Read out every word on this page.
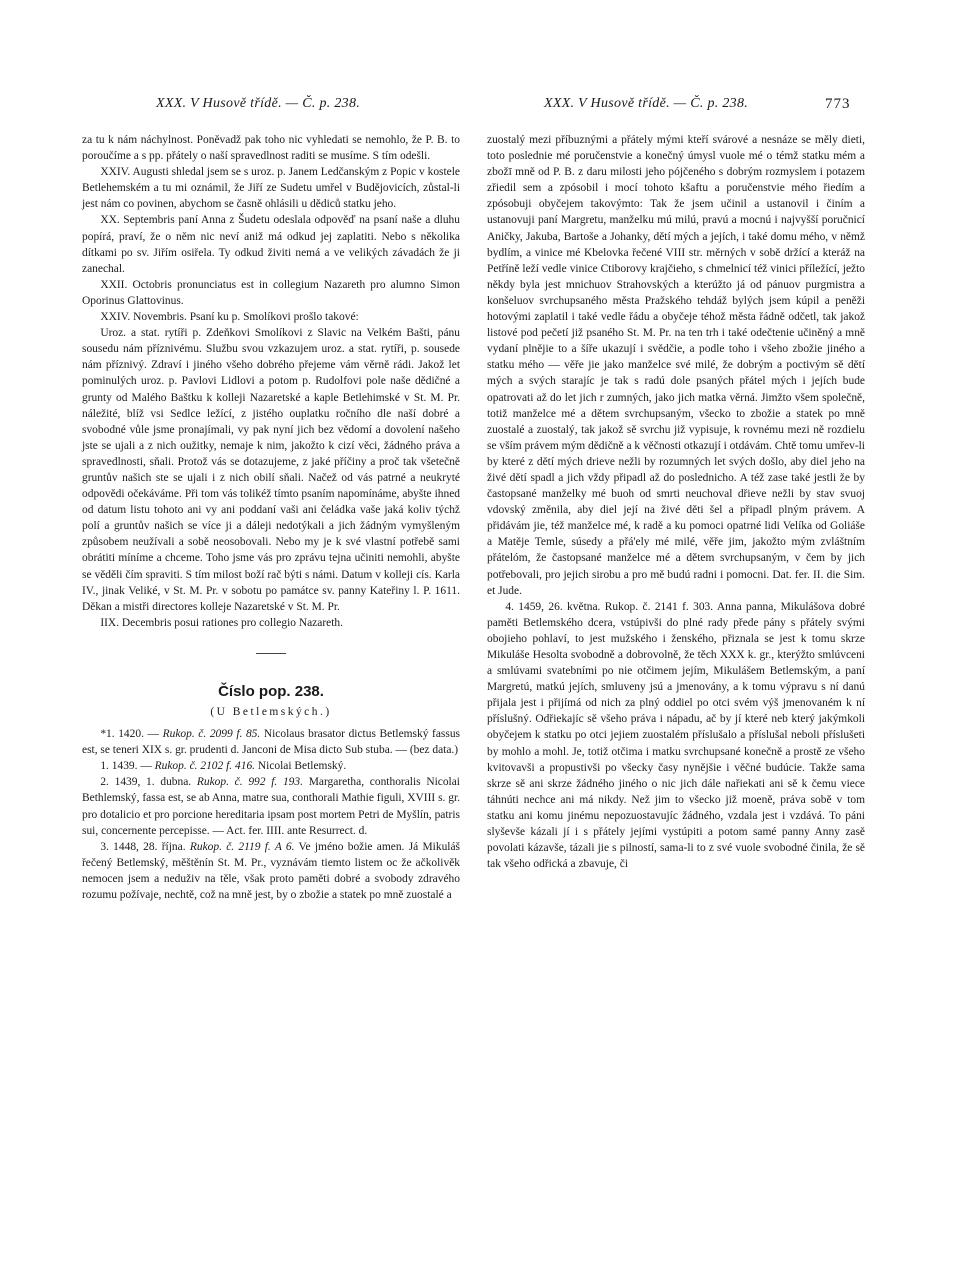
XXX. V Husově třídě. — Č. p. 238.	XXX. V Husově třídě. — Č. p. 238.	773

za tu k nám náchylnost. Poněvadž pak toho nic vyhledati se nemohlo, že P. B. to poroučíme a s pp. přátely o naší spravedlnost raditi se musíme. S tím odešli.

XXIV. Augusti shledal jsem se s uroz. p. Janem Ledčanským z Popic v kostele Betlehemském a tu mi oznámil, že Jiří ze Sudetu umřel v Budějovicích, zůstal-li jest nám co povinen, abychom se časně ohlásili u dědiců statku jeho.

XX. Septembris paní Anna z Šudetu odeslala odpověď na psaní naše a dluhu popírá, praví, že o něm nic neví aniž má odkud jej zaplatiti. Nebo s několika dítkami po sv. Jiřím osiřela. Ty odkud živiti nemá a ve velikých závadách že ji zanechal.

XXII. Octobris pronunciatus est in collegium Nazareth pro alumno Simon Oporinus Glattovinus.

XXIV. Novembris. Psaní ku p. Smolíkovi prošlo takové:

Uroz. a stat. rytíři p. Zdeňkovi Smolíkovi z Slavic na Velkém Bašti, pánu sousedu nám příznivému. Službu svou vzkazujem uroz. a stat. rytíři, p. sousede nám příznivý. Zdraví i jiného všeho dobrého přejeme vám věrně rádi. Jakož let pominulých uroz. p. Pavlovi Lidlovi a potom p. Rudolfovi pole naše dědičné a grunty od Malého Baštku k kolleji Nazaretské a kaple Betlehimské v St. M. Pr. náležité, blíž vsi Sedlce ležící, z jistého ouplatku ročního dle naší dobré a svobodné vůle jsme pronajímali, vy pak nyní jich bez vědomí a dovolení našeho jste se ujali a z nich oužitky, nemaje k nim, jakožto k cizí věci, žádného práva a spravedlnosti, sňali. Protož vás se dotazujeme, z jaké příčiny a proč tak všetečně gruntův našich ste se ujali i z nich obilí sňali. Načež od vás patrné a neukryté odpovědi očekáváme. Při tom vás tolikéž tímto psaním napomínáme, abyšte ihned od datum listu tohoto ani vy ani poddaní vaši ani čeládka vaše jaká koliv týchž polí a gruntův našich se více ji a dáleji nedotýkali a jich žádným vymyšleným způsobem neužívali a sobě neosobovali. Nebo my je k své vlastní potřebě sami obrátiti míníme a chceme. Toho jsme vás pro zprávu tejna učiniti nemohli, abyšte se věděli čím spraviti. S tím milost boží rač býti s námi. Datum v kolleji cís. Karla IV., jinak Veliké, v St. M. Pr. v sobotu po památce sv. panny Kateřiny l. P. 1611. Děkan a mistři directores kolleje Nazaretské v St. M. Pr.

IIX. Decembris posui rationes pro collegio Nazareth.

Číslo pop. 238.
(U Betlemských.)

*1. 1420. — Rukop. č. 2099 f. 85. Nicolaus brasator dictus Betlemský fassus est, se teneri XIX s. gr. prudenti d. Janconi de Misa dicto Sub stuba. — (bez data.)

1. 1439. — Rukop. č. 2102 f. 416. Nicolai Betlemský.

2. 1439, 1. dubna. Rukop. č. 992 f. 193. Margaretha, conthoralis Nicolai Bethlemský, fassa est, se ab Anna, matre sua, conthorali Mathie figuli, XVIII s. gr. pro dotalicio et pro porcione hereditaria ipsam post mortem Petri de Myšlín, patris sui, concernente percepisse. — Act. fer. IIII. ante Resurrect. d.

3. 1448, 28. října. Rukop. č. 2119 f. A 6. Ve jméno božie amen. Já Mikuláš řečený Betlemský, měštěnín St. M. Pr., vyznávám tiemto listem oc že ačkolivěk nemocen jsem a neduživ na těle, však proto paměti dobré a svobody zdravého rozumu požívaje, nechtě, což na mně jest, by o zbožie a statek po mně zuostalé a

zuostalý mezi příbuznými a přátely mými kteří svárové a nesnáze se měly dieti, toto poslednie mé poručenstvie a konečný úmysl vuole mé o témž statku mém a zbožī mně od P. B. z daru milosti jeho pójčeného s dobrým rozmyslem i potazem zřiedil sem a zpósobil i mocí tohoto kšaftu a poručenstvie mého řiedím a zpósobuji obyčejem takovýmto: Tak že jsem učinil a ustanovil i činím a ustanovuji paní Margretu, manželku mú milú, pravú a mocnú i najvyšší poručnicí Aničky, Jakuba, Bartoše a Johanky, dětí mých a jejích, i také domu mého, v němž bydlím, a vinice mé Kbelovka řečené VIII str. měrných v sobě držící a kteráž na Petříně leží vedle vinice Ctiborovy krajčieho, s chmelnicí též vinici příležící, ježto někdy byla jest mnichuov Strahovských a kterúžto já od pánuov purgmistra a konšeluov svrchupsaného města Pražského tehdáž bylých jsem kúpil a peněži hotovými zaplatil i také vedle řádu a obyčeje téhož města řádně odčetl, tak jakož listové pod pečetí již psaného St. M. Pr. na ten trh i také odečtenie učiněný a mně vydaní plnějie to a šíře ukazují i svědčie, a podle toho i všeho zbožie jiného a statku mého — věře jie jako manželce své milé, že dobrým a poctivým sě dětí mých a svých starajíc je tak s radú dole psaných přátel mých i jejích bude opatrovati až do let jich r zumných, jako jich matka věrná. Jimžto všem společně, totiž manželce mé a dětem svrchupsaným, všecko to zbožie a statek po mně zuostalé a zuostalý, tak jakož sě svrchu již vypisuje, k rovnému mezi ně rozdielu se vším právem mým dědičně a k věčnosti otkazují i otdávám. Chtě tomu umřev-li by které z dětí mých drieve nežli by rozumných let svých došlo, aby diel jeho na živé dětí spadl a jich vždy připadl až do poslednicho. A též zase také jestli že by častopsané manželky mé buoh od smrti neuchoval dřieve nežli by stav svuoj vdovský změnila, aby diel její na živé děti šel a připadl plným právem. A přidávám jie, též manželce mé, k radě a ku pomoci opatrné lidi Velíka od Goliáše a Matěje Temle, súsedy a přá'ely mé milé, věře jim, jakožto mým zvláštním přátelóm, že častopsané manželce mé a dětem svrchupsaným, v čem by jich potřebovali, pro jejich sirobu a pro mě budú radni i pomocni. Dat. fer. II. die Sim. et Jude.

4. 1459, 26. května. Rukop. č. 2141 f. 303. Anna panna, Mikulášova dobré paměti Betlemského dcera, vstúpivši do plné rady přede pány s přátely svými obojieho pohlaví, to jest mužského i ženského, přiznala se jest k tomu skrze Mikuláše Hesolta svobodně a dobrovolně, že těch XXX k. gr., kterýžto smlúvceni a smlúvami svatebními po nie otčimem jejím, Mikulášem Betlemským, a paní Margretú, matkú jejích, smluveny jsú a jmenovány, a k tomu výpravu s ní danú přijala jest i přijímá od nich za plný oddiel po otci svém výš jmenovaném k ní příslušný. Odřiekajíc sě všeho práva i nápadu, ač by jí které neb který jakýmkoli obyčejem k statku po otci jejiem zuostalém příslušalo a příslušal neboli příslušeti by mohlo a mohl. Je, totiž otčima i matku svrchupsané konečně a prostě ze všeho kvitovavši a propustivši po všecky časy nynějšie i věčné budúcie. Takže sama skrze sě ani skrze žádného jiného o nic jich dále nařiekati ani sě k čemu viece táhnúti nechce ani má nikdy. Než jim to všecko již moeně, práva sobě v tom statku ani komu jinému nepozuostavujíc žádného, vzdala jest i vzdává. To páni slyševše kázali jí i s přátely jejími vystúpiti a potom samé panny Anny zasě povolati kázavše, tázali jie s pilností, sama-li to z své vuole svobodné činila, že sě tak všeho odřická a zbavuje, či
